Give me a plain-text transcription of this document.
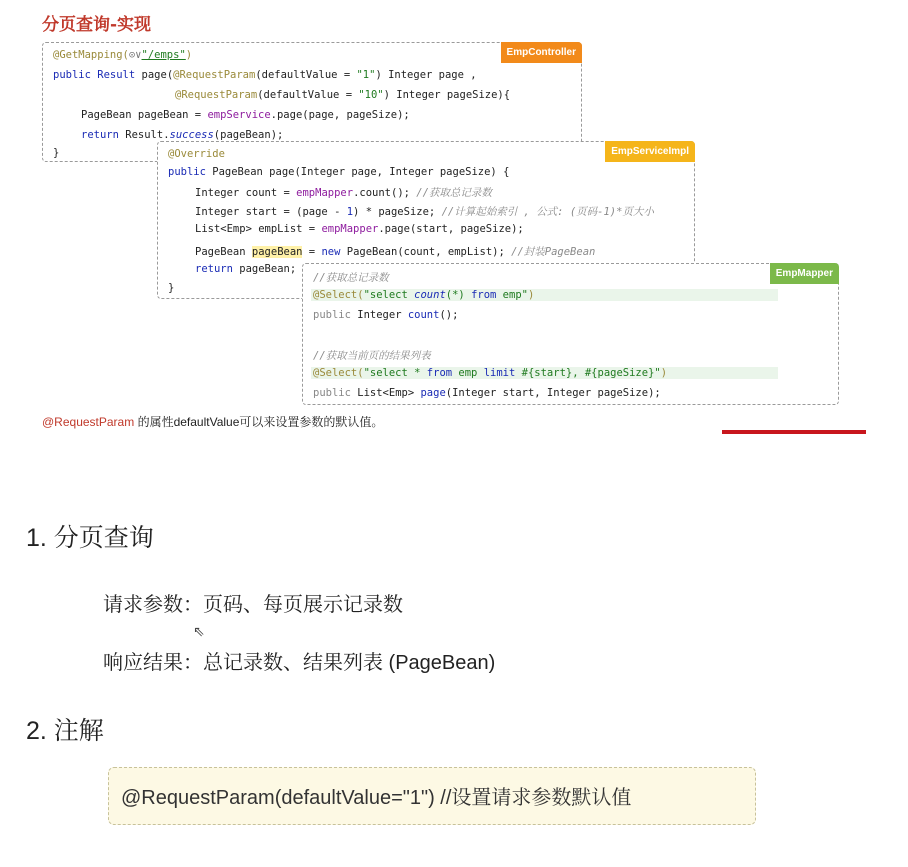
分页查询-实现

EmpController

@GetMapping(⊙∨"/emps")

public Result page(@RequestParam(defaultValue = "1") Integer page ,

@RequestParam(defaultValue = "10") Integer pageSize){

PageBean pageBean = empService.page(page, pageSize);

return Result.success(pageBean);

}

	EmpServiceImpl

@Override

public PageBean page(Integer page, Integer pageSize) {

Integer count = empMapper.count(); //获取总记录数

Integer start = (page - 1) * pageSize; //计算起始索引 , 公式: (页码-1)*页大小

List<Emp> empList = empMapper.page(start, pageSize);

PageBean pageBean = new PageBean(count, empList); //封装PageBean

return pageBean;

}

EmpMapper

//获取总记录数

@Select("select count(*) from emp")

public Integer count();

//获取当前页的结果列表

@Select("select * from emp limit #{start}, #{pageSize}")

public List<Emp> page(Integer start, Integer pageSize);

@RequestParam 的属性defaultValue可以来设置参数的默认值。
1. 分页查询
请求参数：页码、每页展示记录数
⇖
响应结果：总记录数、结果列表 (PageBean)
2. 注解
@RequestParam(defaultValue="1") //设置请求参数默认值
